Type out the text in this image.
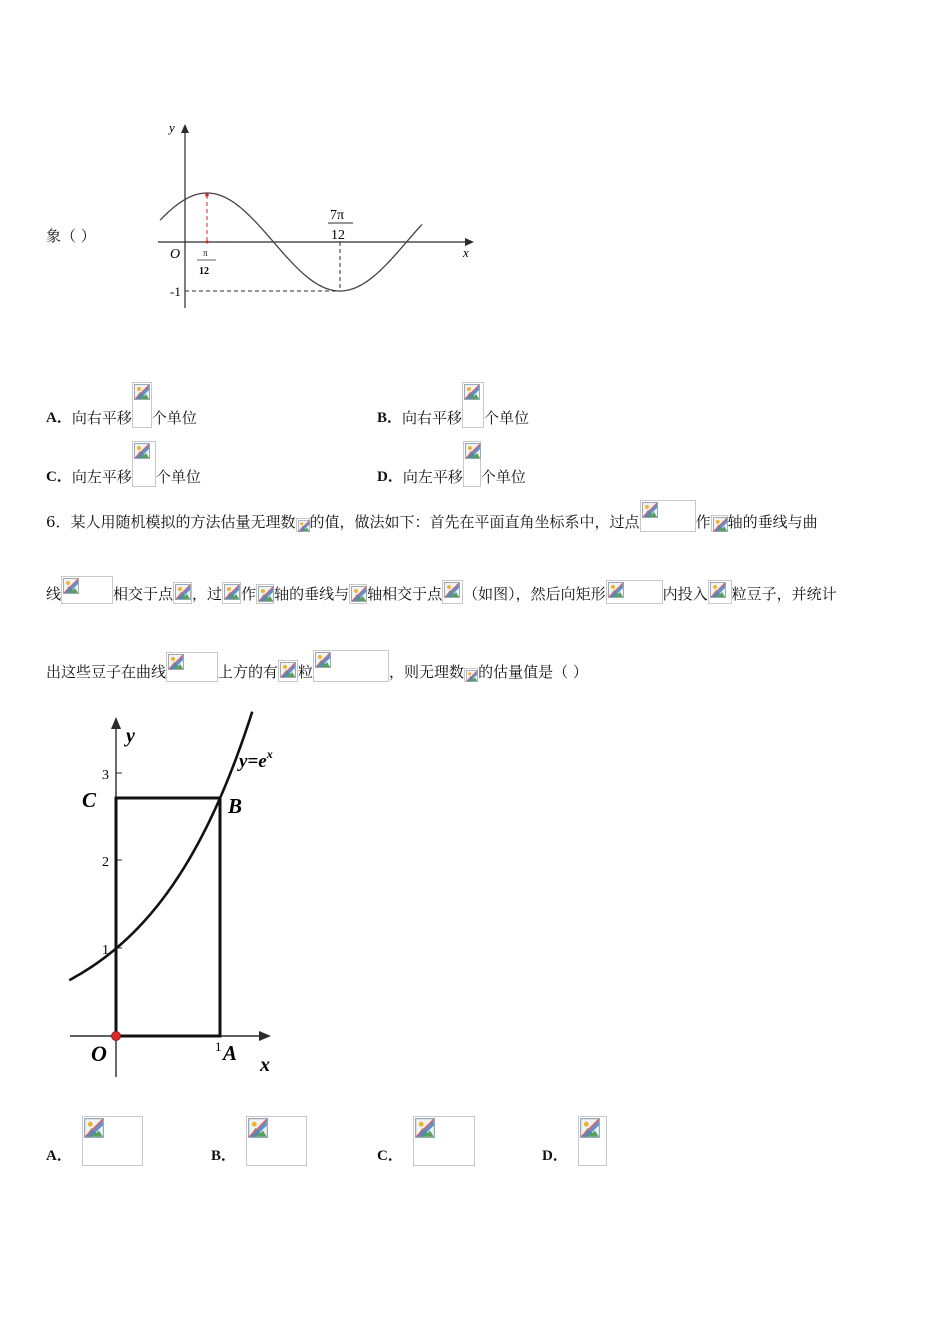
象（ ）
y
x
O	π
12
7π
12
-1
A． 向右平移 个单位	B． 向右平移 个单位
C． 向左平移 个单位	D． 向左平移 个单位
6．某人用随机模拟的方法估量无理数 的值，做法如下：首先在平面直角坐标系中，过点	作 轴的垂线与曲
线	相交于点 ，过 作 轴的垂线与 轴相交于点 （如图），然后向矩形	内投入 粒豆子，并统计
出这些豆子在曲线	上方的有 粒	，则无理数 的估量值是（ ）
y
x
O
3
2
1
1 A
B
C
$y=e^x$
A．	B．	C．	D．
